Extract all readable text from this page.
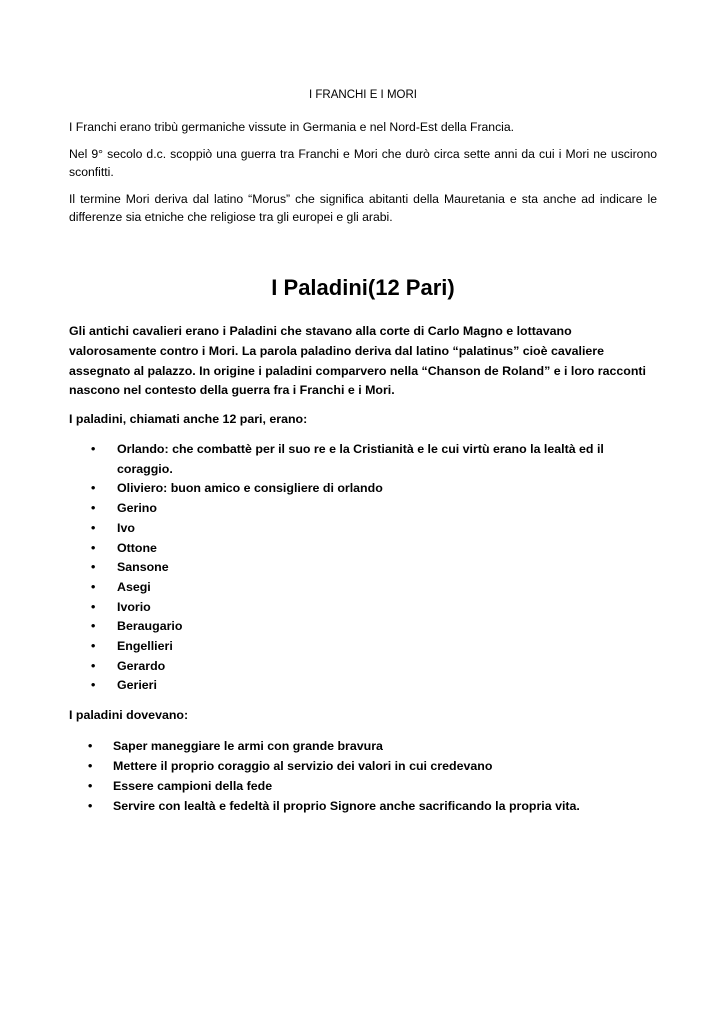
I FRANCHI E I MORI

I Franchi erano tribù germaniche vissute in Germania e nel Nord-Est della Francia.

Nel 9° secolo d.c. scoppiò una guerra tra Franchi e Mori che durò circa sette anni da cui i Mori ne uscirono sconfitti.

Il termine Mori deriva dal latino “Morus” che significa abitanti della Mauretania e sta anche ad indicare le differenze sia etniche che religiose tra gli europei e gli arabi.

I Paladini(12 Pari)

Gli antichi cavalieri erano i Paladini che stavano alla corte di Carlo Magno e lottavano valorosamente contro i Mori. La parola paladino deriva dal latino “palatinus” cioè cavaliere assegnato al palazzo. In origine i paladini comparvero nella “Chanson de Roland” e i loro racconti nascono nel contesto della guerra fra i Franchi e i Mori.

I paladini, chiamati anche 12 pari, erano:

• Orlando: che combattè per il suo re e la Cristianità e le cui virtù erano la lealtà ed il coraggio.
• Oliviero: buon amico e consigliere di orlando
• Gerino
• Ivo
• Ottone
• Sansone
• Asegi
• Ivorio
• Beraugario
• Engellieri
• Gerardo
• Gerieri

I paladini dovevano:

• Saper maneggiare le armi con grande bravura
• Mettere il proprio coraggio al servizio dei valori in cui credevano
• Essere campioni della fede
• Servire con lealtà e fedeltà il proprio Signore anche sacrificando la propria vita.
